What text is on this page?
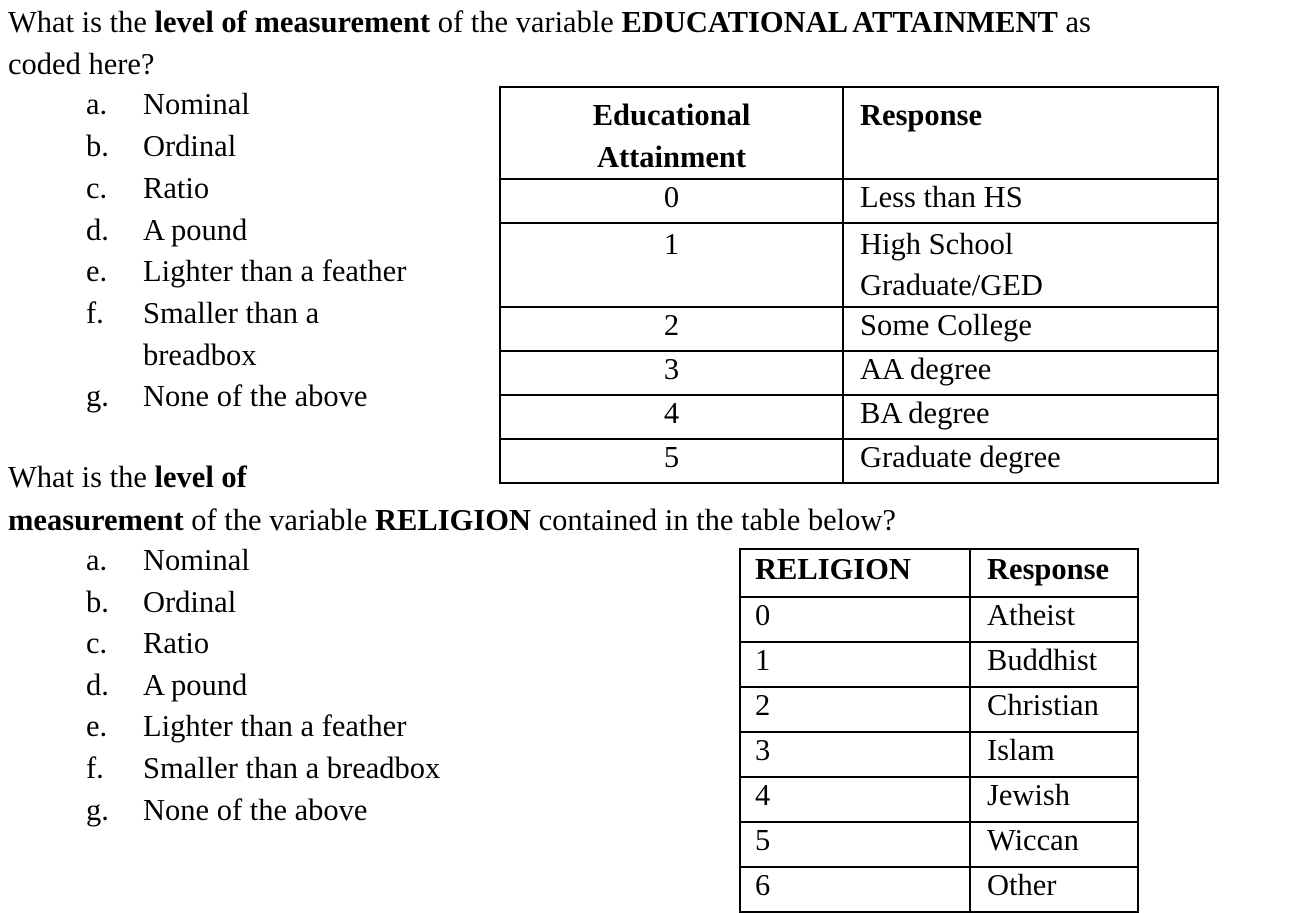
What is the level of measurement of the variable EDUCATIONAL ATTAINMENT as
coded here?
a. Nominal
b. Ordinal
c. Ratio
d. A pound
e. Lighter than a feather
f. Smaller than a
breadbox
g. None of the above
Educational
Attainment	Response
0	Less than HS
1	High School
Graduate/GED
2	Some College
3	AA degree
4	BA degree
5	Graduate degree
What is the level of
measurement of the variable RELIGION contained in the table below?
a. Nominal
b. Ordinal
c. Ratio
d. A pound
e. Lighter than a feather
f. Smaller than a breadbox
g. None of the above
RELIGION	Response
0	Atheist
1	Buddhist
2	Christian
3	Islam
4	Jewish
5	Wiccan
6	Other
